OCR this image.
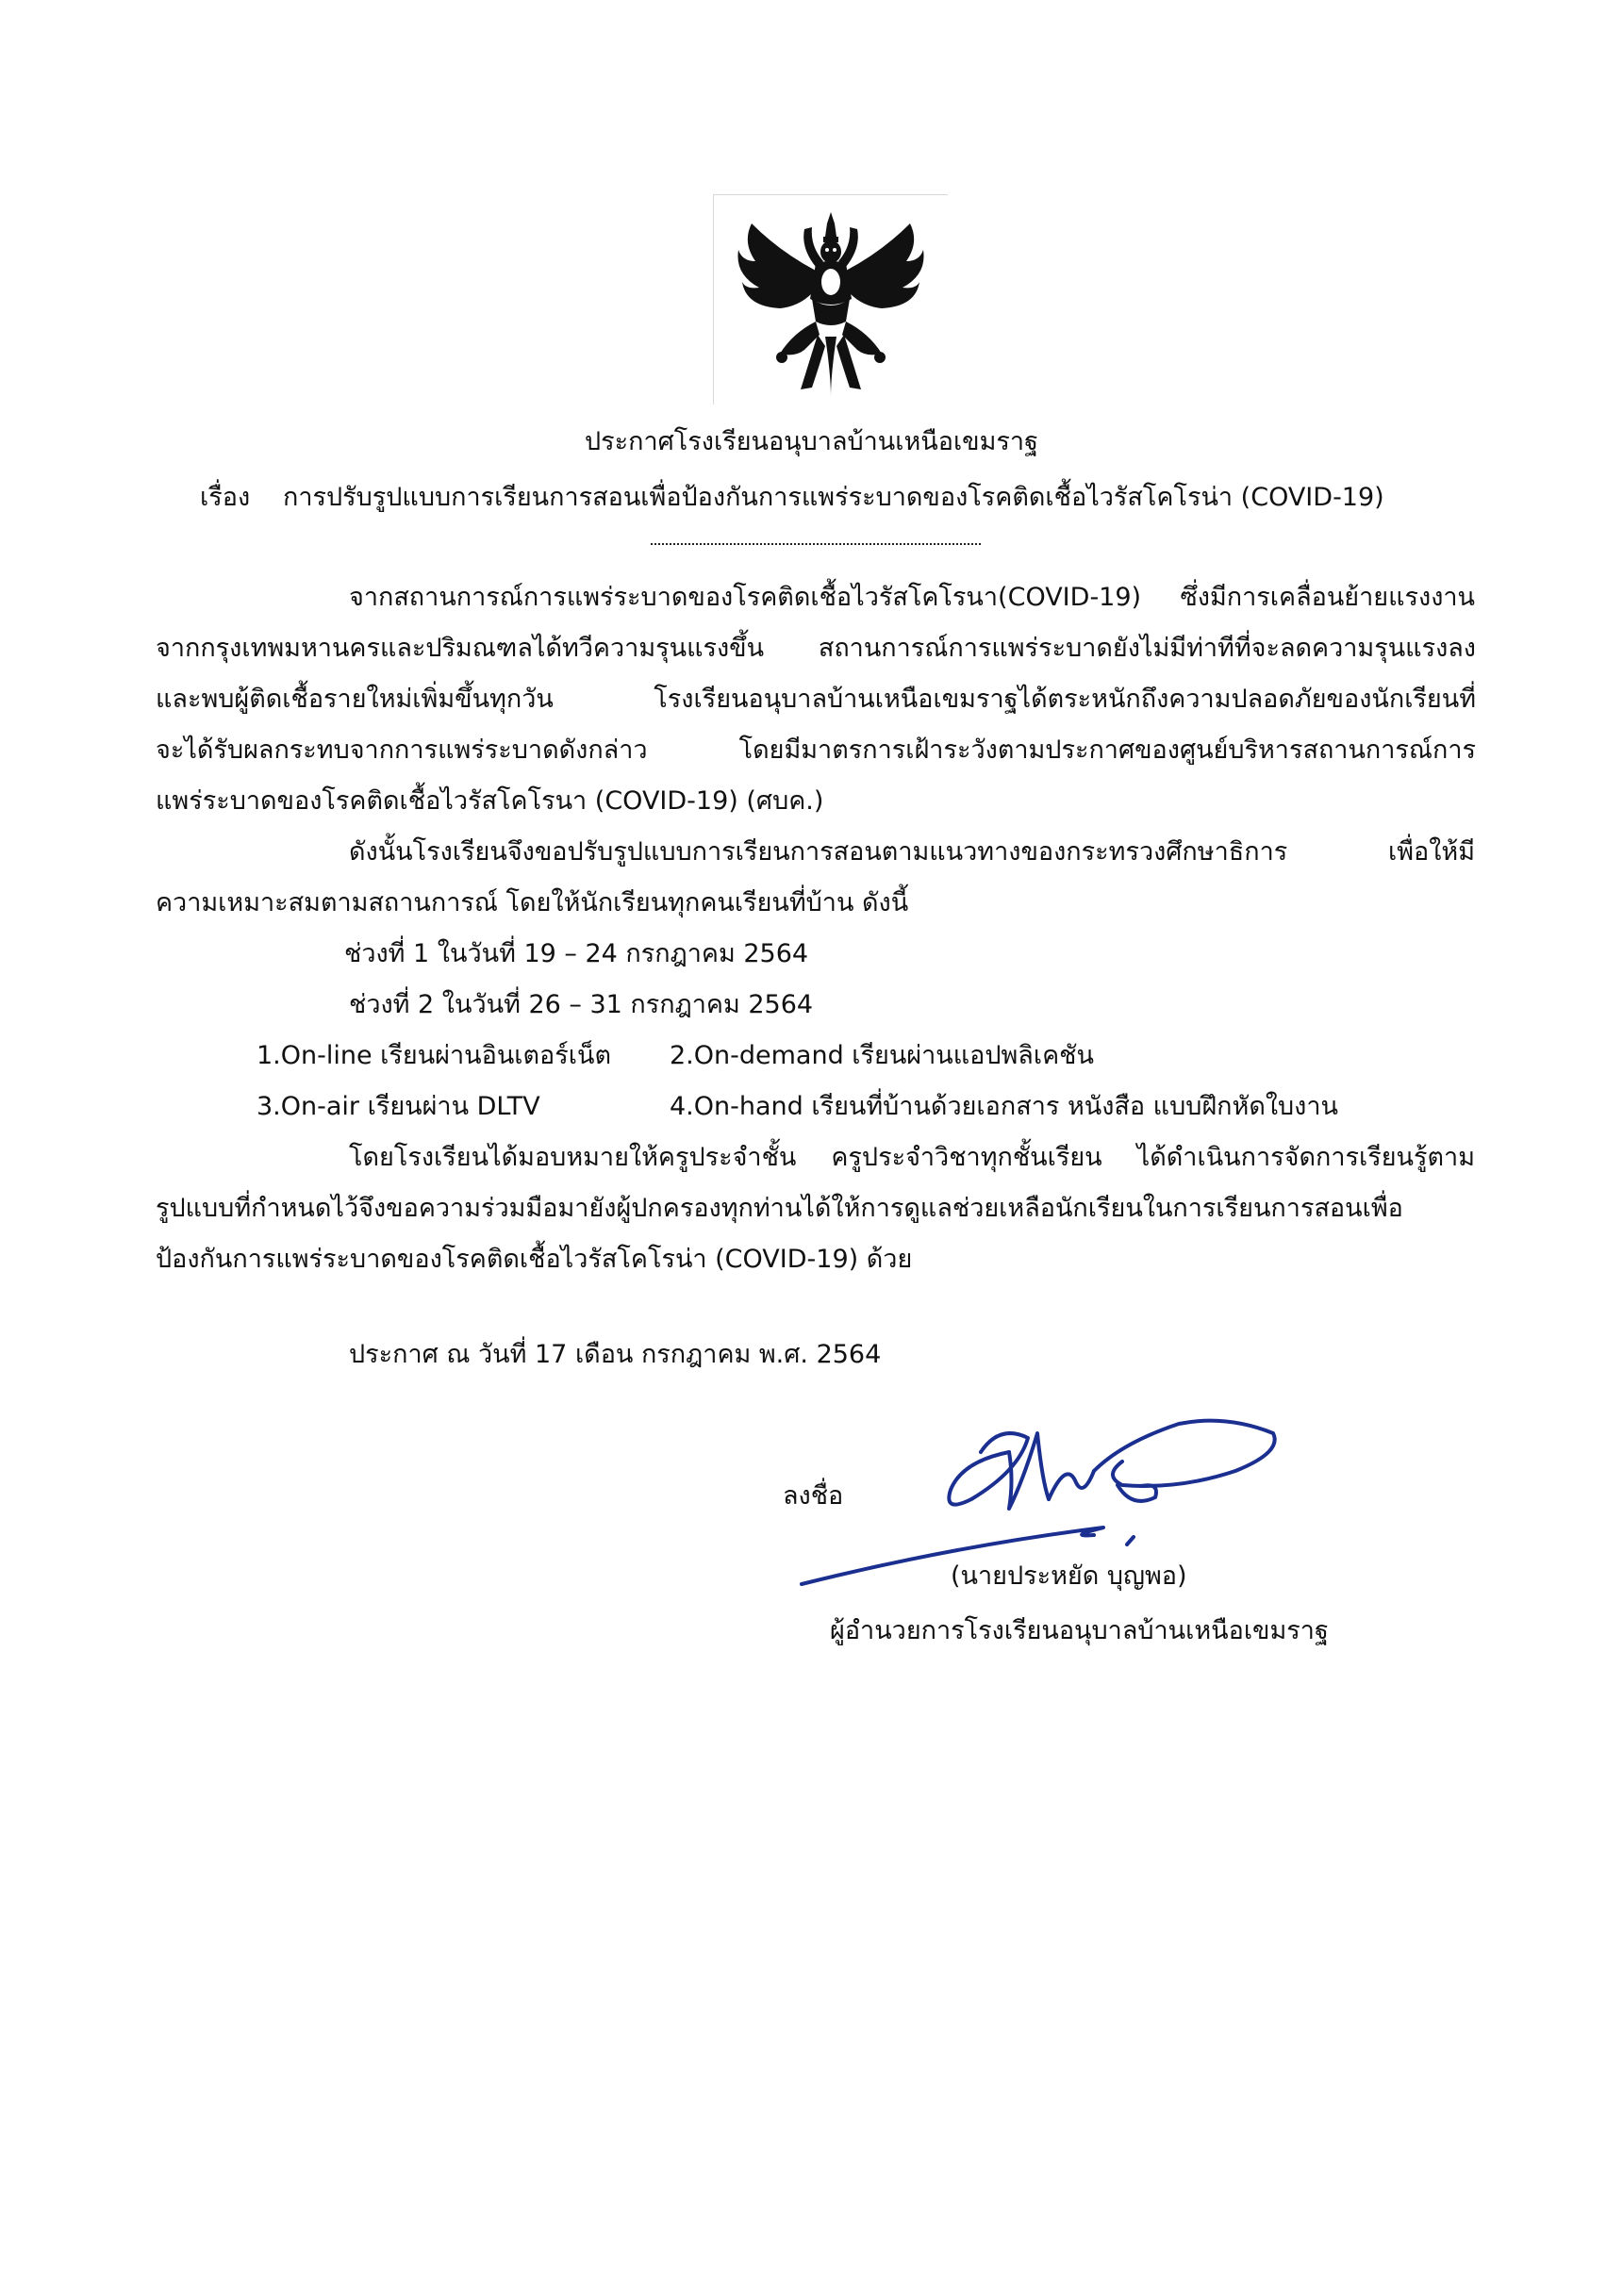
ประกาศโรงเรียนอนุบาลบ้านเหนือเขมราฐ
เรื่อง การปรับรูปแบบการเรียนการสอนเพื่อป้องกันการแพร่ระบาดของโรคติดเชื้อไวรัสโคโรน่า (COVID-19)
จากสถานการณ์การแพร่ระบาดของโรคติดเชื้อไวรัสโคโรนา(COVID-19) ซึ่งมีการเคลื่อนย้ายแรงงาน
จากกรุงเทพมหานครและปริมณฑลได้ทวีความรุนแรงขึ้น สถานการณ์การแพร่ระบาดยังไม่มีท่าทีที่จะลดความรุนแรงลง
และพบผู้ติดเชื้อรายใหม่เพิ่มขึ้นทุกวัน โรงเรียนอนุบาลบ้านเหนือเขมราฐได้ตระหนักถึงความปลอดภัยของนักเรียนที่
จะได้รับผลกระทบจากการแพร่ระบาดดังกล่าว โดยมีมาตรการเฝ้าระวังตามประกาศของศูนย์บริหารสถานการณ์การ
แพร่ระบาดของโรคติดเชื้อไวรัสโคโรนา (COVID-19) (ศบค.)
ดังนั้นโรงเรียนจึงขอปรับรูปแบบการเรียนการสอนตามแนวทางของกระทรวงศึกษาธิการ เพื่อให้มี
ความเหมาะสมตามสถานการณ์ โดยให้นักเรียนทุกคนเรียนที่บ้าน ดังนี้
ช่วงที่ 1 ในวันที่ 19 – 24 กรกฎาคม 2564
ช่วงที่ 2 ในวันที่ 26 – 31 กรกฎาคม 2564
1.On-line เรียนผ่านอินเตอร์เน็ต 2.On-demand เรียนผ่านแอปพลิเคชัน
3.On-air เรียนผ่าน DLTV	4.On-hand เรียนที่บ้านด้วยเอกสาร หนังสือ แบบฝึกหัดใบงาน
โดยโรงเรียนได้มอบหมายให้ครูประจำชั้น ครูประจำวิชาทุกชั้นเรียน ได้ดำเนินการจัดการเรียนรู้ตาม
รูปแบบที่กำหนดไว้จึงขอความร่วมมือมายังผู้ปกครองทุกท่านได้ให้การดูแลช่วยเหลือนักเรียนในการเรียนการสอนเพื่อ
ป้องกันการแพร่ระบาดของโรคติดเชื้อไวรัสโคโรน่า (COVID-19) ด้วย
ประกาศ ณ วันที่ 17 เดือน กรกฎาคม พ.ศ. 2564
ลงชื่อ
(นายประหยัด บุญพอ)
ผู้อำนวยการโรงเรียนอนุบาลบ้านเหนือเขมราฐ
